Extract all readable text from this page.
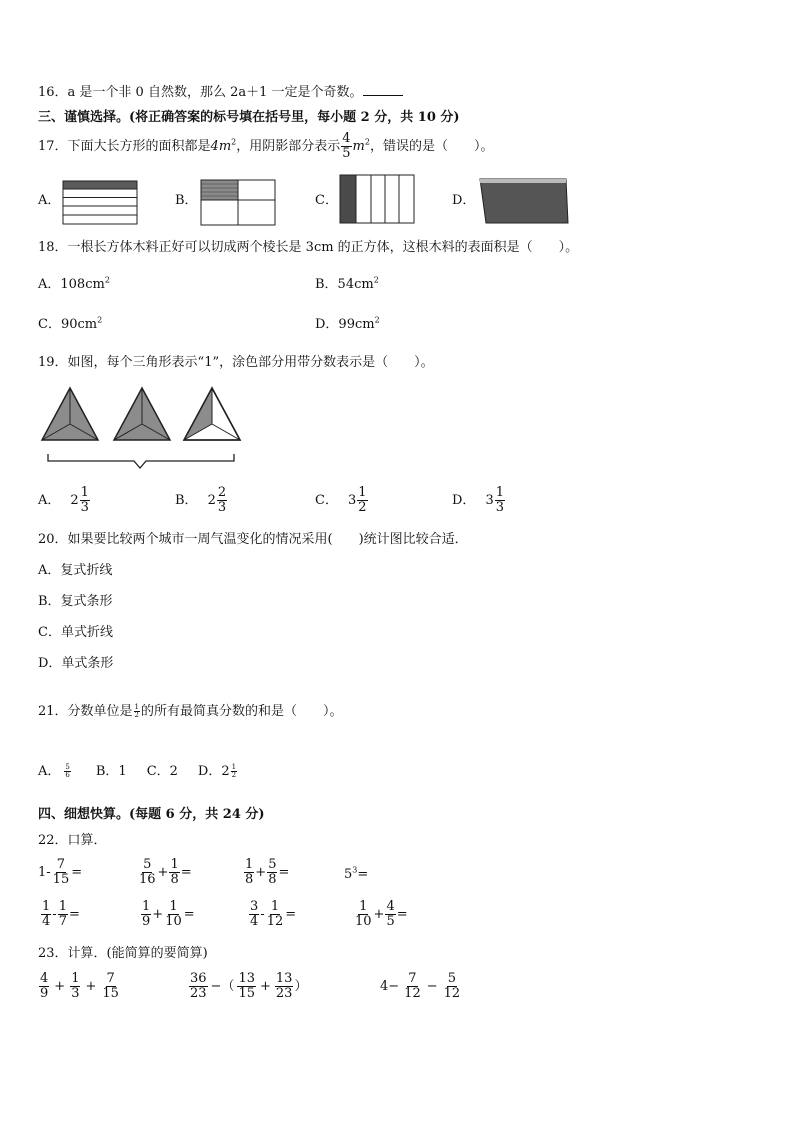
16．a 是一个非 0 自然数，那么 2a＋1 一定是个奇数。
三、谨慎选择。(将正确答案的标号填在括号里，每小题 2 分，共 10 分)
17．下面大长方形的面积都是 $4m^2$ ，用阴影部分表示 $\frac{4}{5} m^2$ ，错误的是（　　）。
A．	B．	C．	D．
18．一根长方体木料正好可以切成两个棱长是 3cm 的正方体，这根木料的表面积是（　　）。
A．$108cm^2$	B．$54cm^2$
C．$90cm^2$	D．$99cm^2$
19．如图，每个三角形表示“1”，涂色部分用带分数表示是（　　）。
A． $2 \frac{1}{3}$	B． $2 \frac{2}{3}$	C． $3 \frac{1}{2}$	D． $3 \frac{1}{3}$
20．如果要比较两个城市一周气温变化的情况采用(　　)统计图比较合适．
A．复式折线
B．复式条形
C．单式折线
D．单式条形
21．分数单位是 $\frac{1}{2}$ 的所有最简真分数的和是（　　）。
A． $\frac{5}{6}$ B．1 C．2 D．$2 \frac{1}{2}$
四、细想快算。(每题 6 分，共 24 分)
22．口算．
$1- \frac{7}{15}$ =	$\frac{5}{16} + \frac{1}{8}$ =	$\frac{1}{8} + \frac{5}{8}$ =	$5^3=$
$\frac{1}{4} - \frac{1}{7}$ =	$\frac{1}{9} + \frac{1}{10}$ =	$\frac{3}{4} - \frac{1}{12}$ =	$\frac{1}{10} + \frac{4}{5}$ =
23．计算．(能简算的要简算)
$\frac{4}{9} + \frac{1}{3} + \frac{7}{15}$	$\frac{36}{23}$ −（ $\frac{13}{15} + \frac{13}{23}$ ）	$4- \frac{7}{12} - \frac{5}{12}$
